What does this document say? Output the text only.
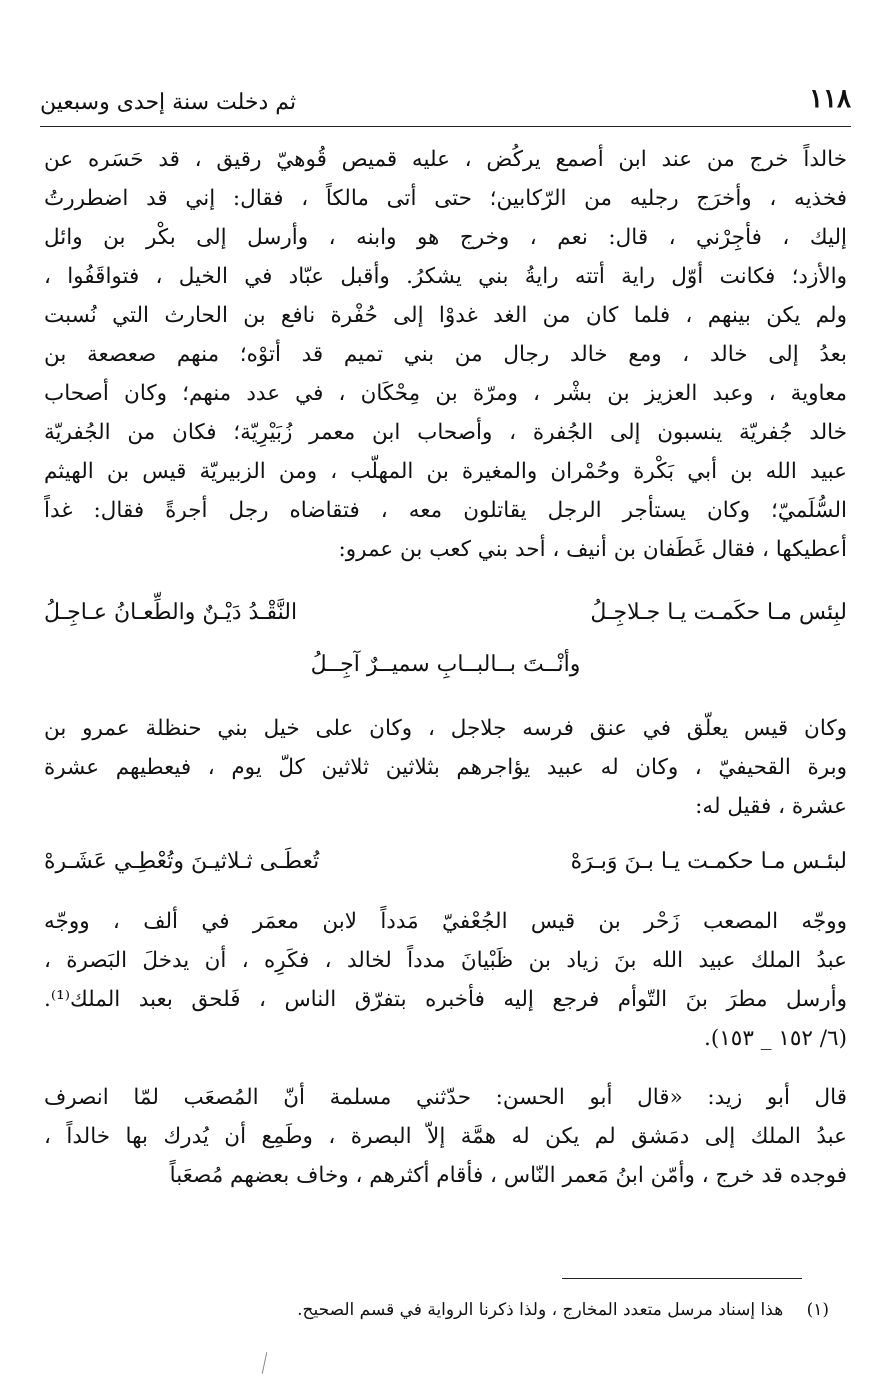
١١٨
ثم دخلت سنة إحدى وسبعين
خالداً خرج من عند ابن أصمع يركُض ، عليه قميص قُوهيّ رقيق ، قد حَسَره عن
فخذيه ، وأخرَج رجليه من الرّكابين؛ حتى أتى مالكاً ، فقال: إني قد اضطررتُ
إليك ، فأجِرْني ، قال: نعم ، وخرج هو وابنه ، وأرسل إلى بكْر بن وائل
والأزد؛ فكانت أوّل راية أتته رايةُ بني يشكرُ. وأقبل عبّاد في الخيل ، فتواقَفُوا ،
ولم يكن بينهم ، فلما كان من الغد غدوْا إلى حُفْرة نافع بن الحارث التي نُسبت
بعدُ إلى خالد ، ومع خالد رجال من بني تميم قد أتوْه؛ منهم صعصعة بن
معاوية ، وعبد العزيز بن بشْر ، ومرّة بن مِحْكَان ، في عدد منهم؛ وكان أصحاب
خالد جُفريّة ينسبون إلى الجُفرة ، وأصحاب ابن معمر زُبَيْرِيّة؛ فكان من الجُفريّة
عبيد الله بن أبي بَكْرة وحُمْران والمغيرة بن المهلّب ، ومن الزبيريّة قيس بن الهيثم
السُّلَميّ؛ وكان يستأجر الرجل يقاتلون معه ، فتقاضاه رجل أجرةً فقال: غداً
أعطيكها ، فقال غَطَفان بن أنيف ، أحد بني كعب بن عمرو:
لبِئس مـا حكَمـت يـا جـلاجِـلُ
النَّقْـدُ دَيْـنٌ والطِّعـانُ عـاجِـلُ
وأنْــتَ بــالبــابِ سميــرٌ آجِــلُ
وكان قيس يعلّق في عنق فرسه جلاجل ، وكان على خيل بني حنظلة عمرو بن
وبرة القحيفيّ ، وكان له عبيد يؤاجرهم بثلاثين ثلاثين كلّ يوم ، فيعطيهم عشرة
عشرة ، فقيل له:
لبئـس مـا حكمـت يـا بـنَ وَبـرَهْ
تُعطَـى ثـلاثيـنَ وتُعْطِـي عَشَـرهْ
ووجّه المصعب زَحْر بن قيس الجُعْفيّ مَدداً لابن معمَر في ألف ، ووجّه
عبدُ الملك عبيد الله بنَ زياد بن ظَبْيانَ مدداً لخالد ، فكَرِه ، أن يدخلَ البَصرة ،
وأرسل مطرَ بنَ التّوأم فرجع إليه فأخبره بتفرّق الناس ، فَلحق بعبد الملك⁽¹⁾.
(٦/ ١٥٢ _ ١٥٣).
قال أبو زيد: «قال أبو الحسن: حدّثني مسلمة أنّ المُصعَب لمّا انصرف
عبدُ الملك إلى دمَشق لم يكن له همَّة إلاّ البصرة ، وطَمِع أن يُدرك بها خالداً ،
فوجده قد خرج ، وأمّن ابنُ مَعمر النّاس ، فأقام أكثرهم ، وخاف بعضهم مُصعَباً
(١) هذا إسناد مرسل متعدد المخارج ، ولذا ذكرنا الرواية في قسم الصحيح.
